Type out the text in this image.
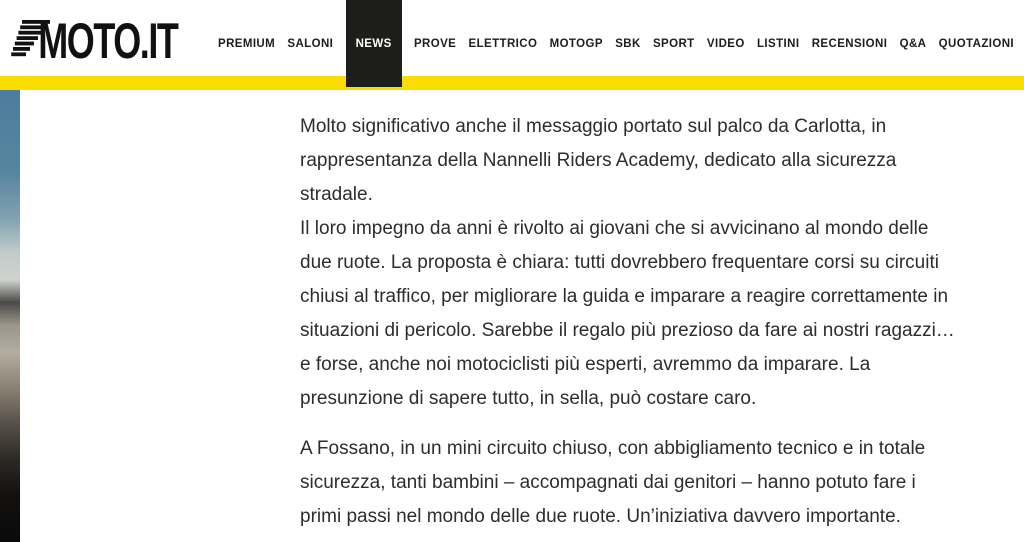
MOTO.IT	PREMIUM SALONI	NEWS	PROVE ELETTRICO MOTOGP SBK SPORT VIDEO LISTINI RECENSIONI Q&A QUOTAZIONI

Molto significativo anche il messaggio portato sul palco da Carlotta, in rappresentanza della Nannelli Riders Academy, dedicato alla sicurezza stradale.

Il loro impegno da anni è rivolto ai giovani che si avvicinano al mondo delle due ruote. La proposta è chiara: tutti dovrebbero frequentare corsi su circuiti chiusi al traffico, per migliorare la guida e imparare a reagire correttamente in situazioni di pericolo. Sarebbe il regalo più prezioso da fare ai nostri ragazzi… e forse, anche noi motociclisti più esperti, avremmo da imparare. La presunzione di sapere tutto, in sella, può costare caro.

A Fossano, in un mini circuito chiuso, con abbigliamento tecnico e in totale sicurezza, tanti bambini – accompagnati dai genitori – hanno potuto fare i primi passi nel mondo delle due ruote. Un’iniziativa davvero importante.
